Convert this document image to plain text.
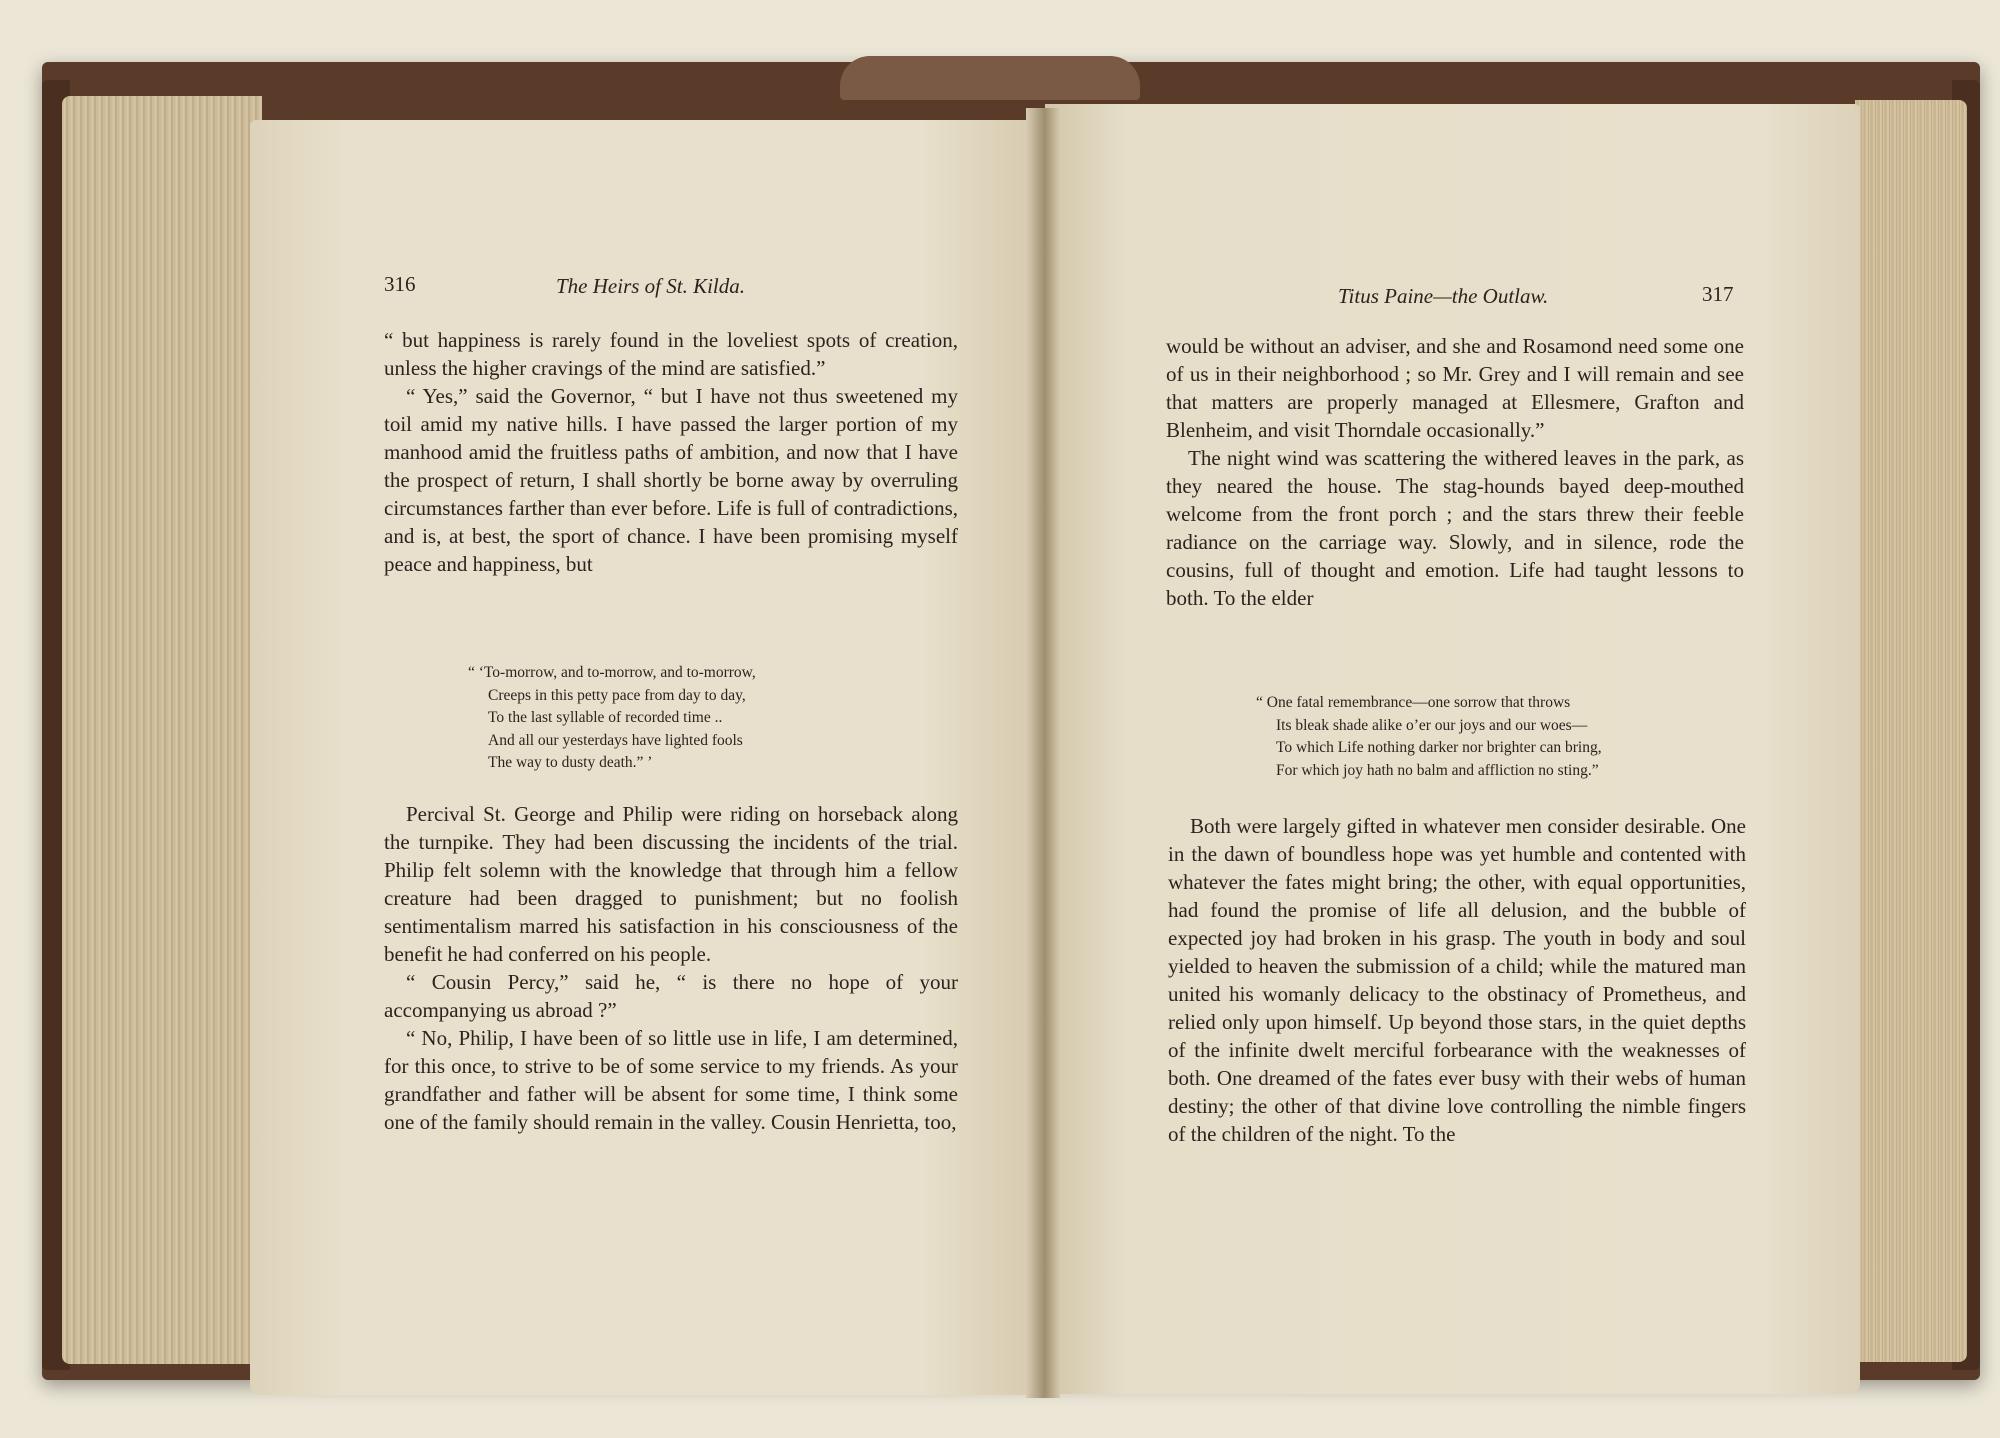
316	The Heirs of St. Kilda.

“ but happiness is rarely found in the loveliest spots of creation, unless the higher cravings of the mind are satisfied.”

“ Yes,” said the Governor, “ but I have not thus sweetened my toil amid my native hills. I have passed the larger portion of my manhood amid the fruitless paths of ambition, and now that I have the prospect of return, I shall shortly be borne away by overruling circumstances farther than ever before. Life is full of contradictions, and is, at best, the sport of chance. I have been promising myself peace and happiness, but

“ ‘To-morrow, and to-morrow, and to-morrow,
Creeps in this petty pace from day to day,
To the last syllable of recorded time ..
And all our yesterdays have lighted fools
The way to dusty death.” ’

Percival St. George and Philip were riding on horseback along the turnpike. They had been discussing the incidents of the trial. Philip felt solemn with the knowledge that through him a fellow creature had been dragged to punishment; but no foolish sentimentalism marred his satisfaction in his consciousness of the benefit he had conferred on his people.

“ Cousin Percy,” said he, “ is there no hope of your accompanying us abroad ?”

“ No, Philip, I have been of so little use in life, I am determined, for this once, to strive to be of some service to my friends. As your grandfather and father will be absent for some time, I think some one of the family should remain in the valley. Cousin Henrietta, too,

Titus Paine—the Outlaw.	317

would be without an adviser, and she and Rosamond need some one of us in their neighborhood ; so Mr. Grey and I will remain and see that matters are properly managed at Ellesmere, Grafton and Blenheim, and visit Thorndale occasionally.”

The night wind was scattering the withered leaves in the park, as they neared the house. The stag-hounds bayed deep-mouthed welcome from the front porch ; and the stars threw their feeble radiance on the carriage way. Slowly, and in silence, rode the cousins, full of thought and emotion. Life had taught lessons to both. To the elder

“ One fatal remembrance—one sorrow that throws
Its bleak shade alike o’er our joys and our woes—
To which Life nothing darker nor brighter can bring,
For which joy hath no balm and affliction no sting.”

Both were largely gifted in whatever men consider desirable. One in the dawn of boundless hope was yet humble and contented with whatever the fates might bring; the other, with equal opportunities, had found the promise of life all delusion, and the bubble of expected joy had broken in his grasp. The youth in body and soul yielded to heaven the submission of a child; while the matured man united his womanly delicacy to the obstinacy of Prometheus, and relied only upon himself. Up beyond those stars, in the quiet depths of the infinite dwelt merciful forbearance with the weaknesses of both. One dreamed of the fates ever busy with their webs of human destiny; the other of that divine love controlling the nimble fingers of the children of the night. To the
